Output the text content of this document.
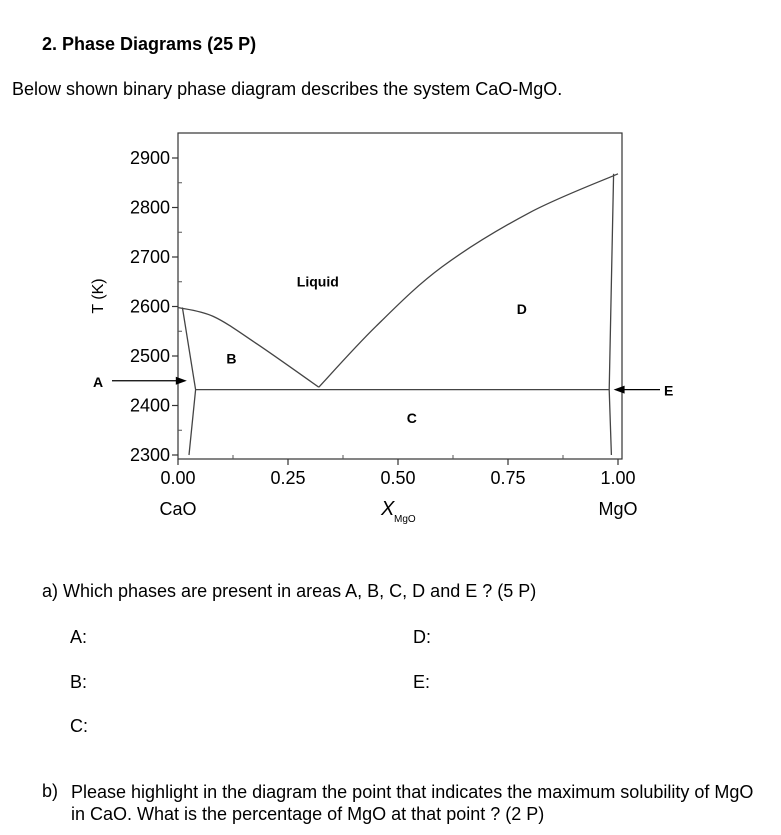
2. Phase Diagrams (25 P)
Below shown binary phase diagram describes the system CaO-MgO.
2300
2400
2500
2600
2700
2800
2900
0.00
CaO
0.25	0.50	0.75	1.00
MgO
T (K)
X MgO
Liquid
B
C
D
A
E
a) Which phases are present in areas A, B, C, D and E ? (5 P)
A:
B:
C:
D:
E:
b) Please highlight in the diagram the point that indicates the maximum solubility of MgO in CaO. What is the percentage of MgO at that point ? (2 P)
